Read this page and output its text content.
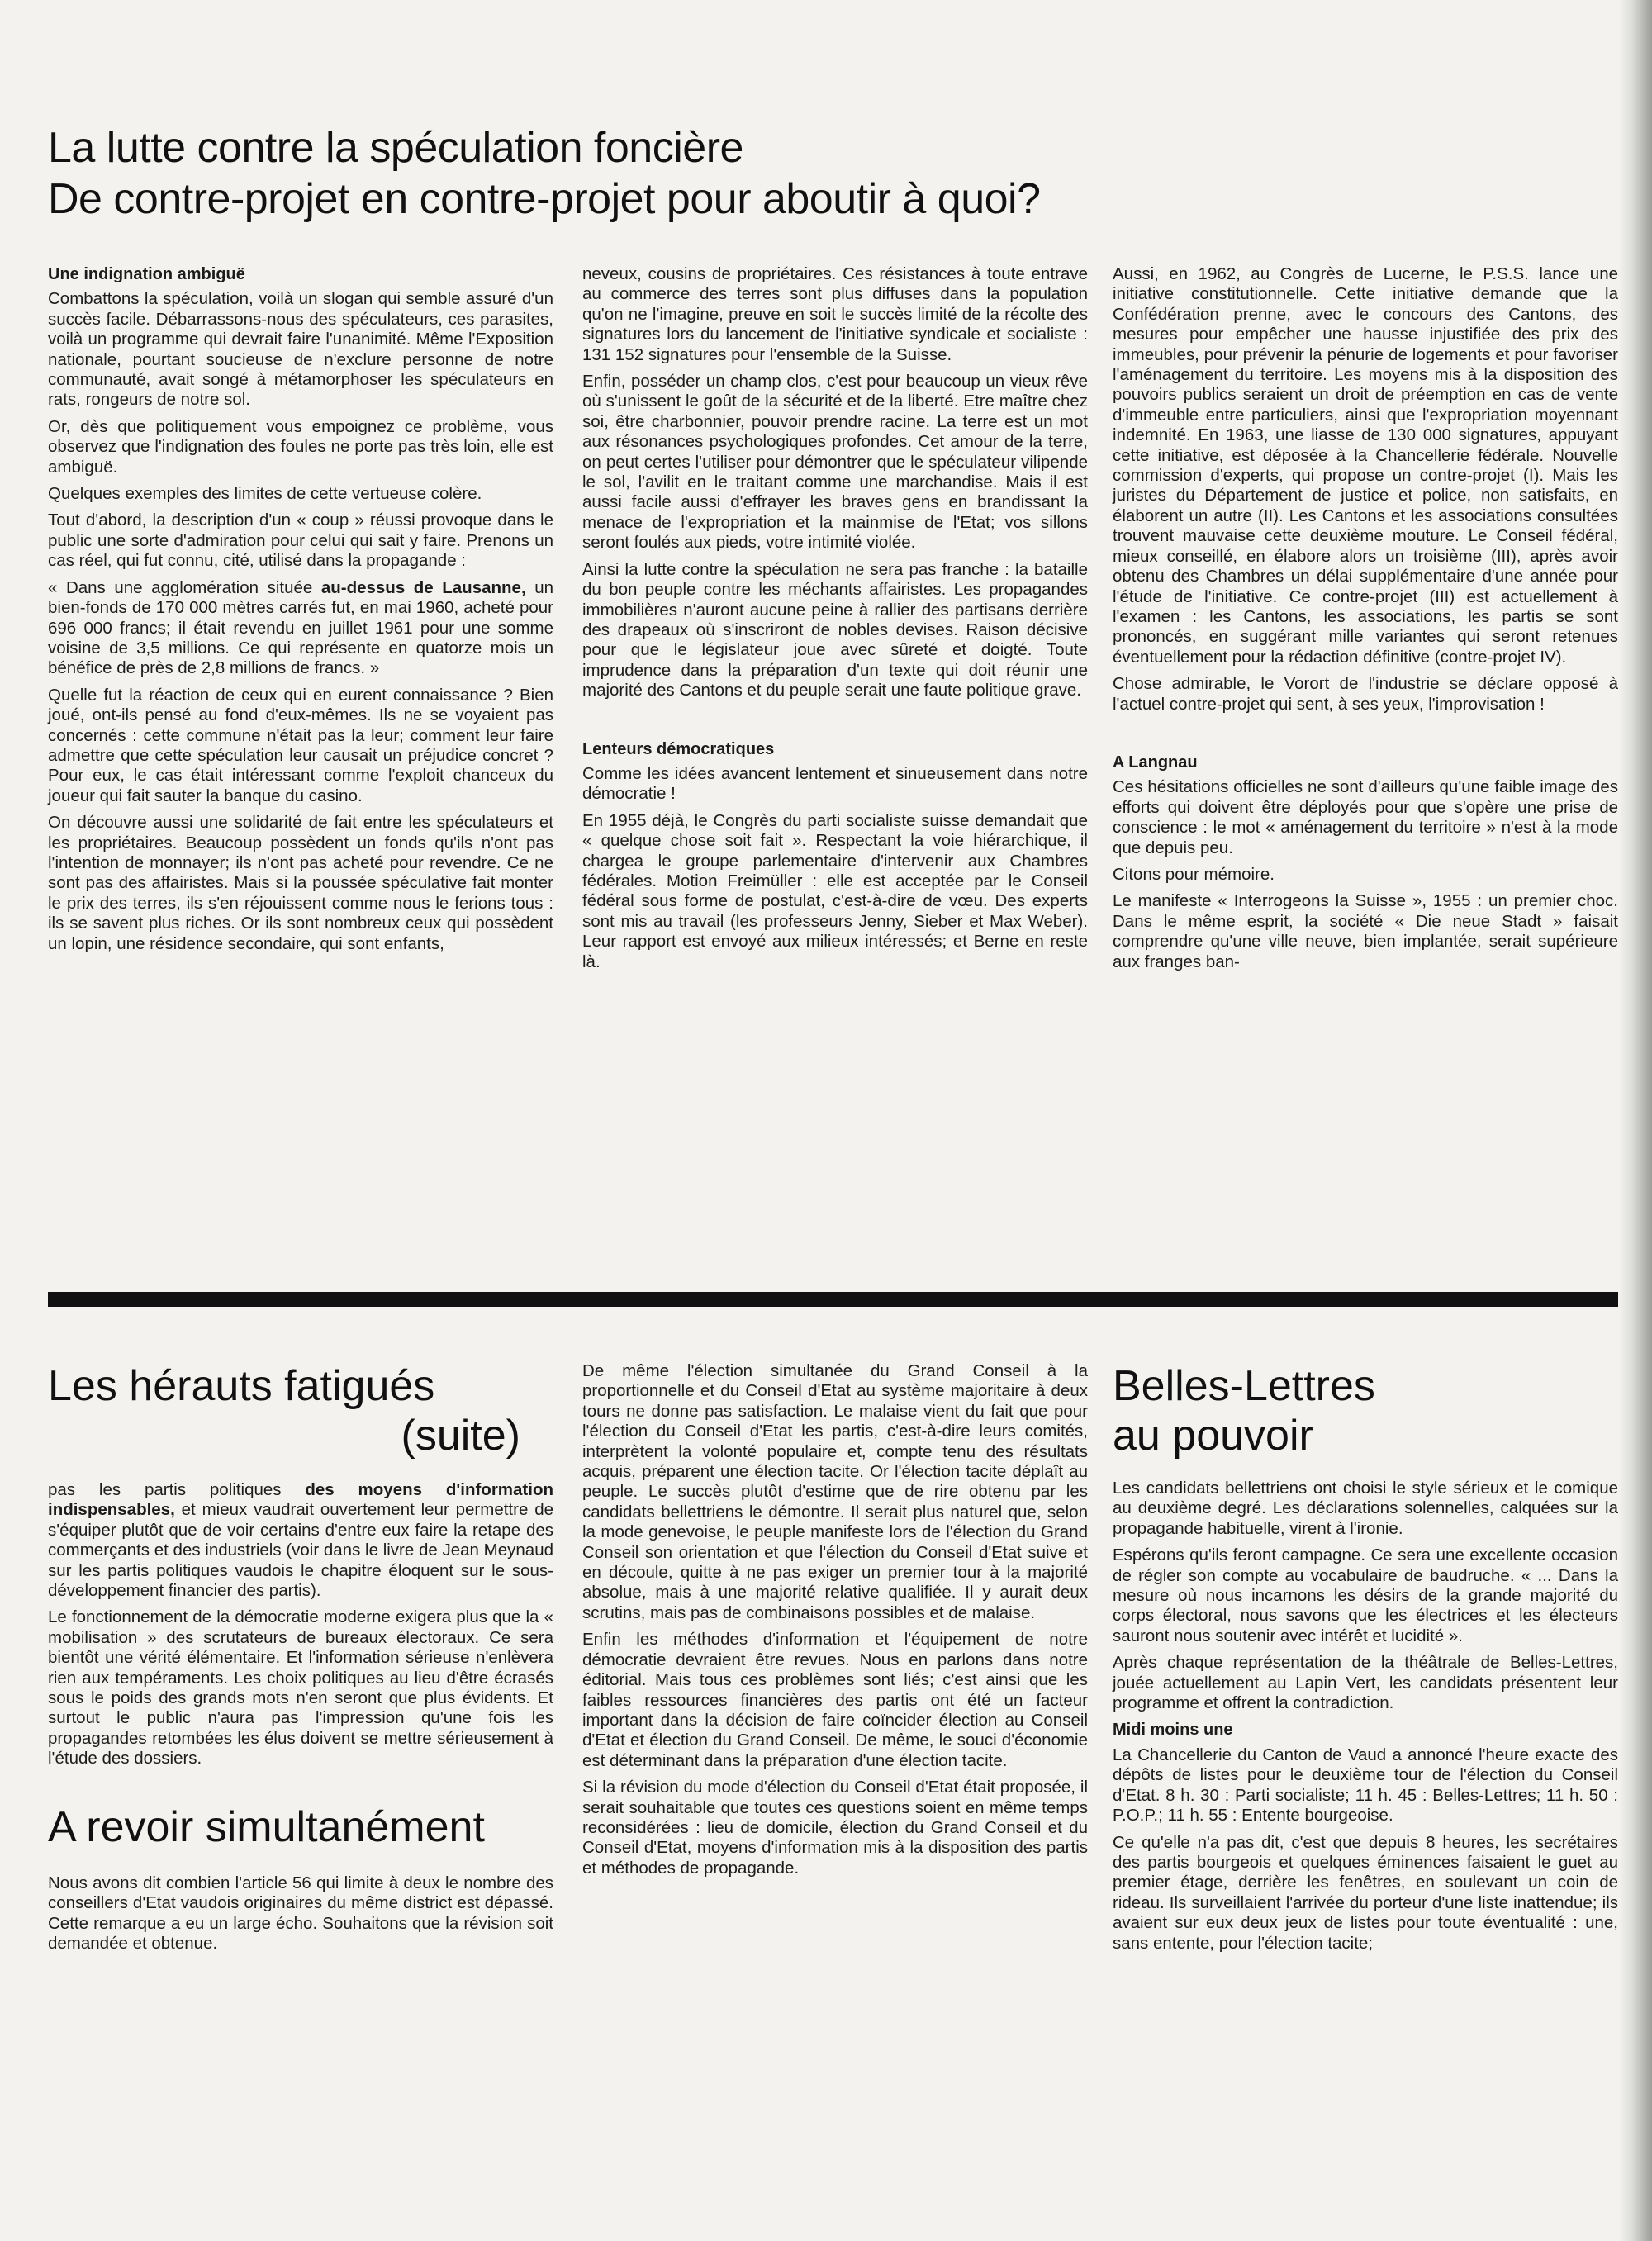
La lutte contre la spéculation foncière
De contre-projet en contre-projet pour aboutir à quoi?
Une indignation ambiguë

Combattons la spéculation, voilà un slogan qui semble assuré d'un succès facile. Débarrassons-nous des spéculateurs, ces parasites, voilà un programme qui devrait faire l'unanimité. Même l'Exposition nationale, pourtant soucieuse de n'exclure personne de notre communauté, avait songé à métamorphoser les spéculateurs en rats, rongeurs de notre sol.

Or, dès que politiquement vous empoignez ce problème, vous observez que l'indignation des foules ne porte pas très loin, elle est ambiguë.

Quelques exemples des limites de cette vertueuse colère.

Tout d'abord, la description d'un « coup » réussi provoque dans le public une sorte d'admiration pour celui qui sait y faire. Prenons un cas réel, qui fut connu, cité, utilisé dans la propagande :

« Dans une agglomération située au-dessus de Lausanne, un bien-fonds de 170 000 mètres carrés fut, en mai 1960, acheté pour 696 000 francs; il était revendu en juillet 1961 pour une somme voisine de 3,5 millions. Ce qui représente en quatorze mois un bénéfice de près de 2,8 millions de francs. »

Quelle fut la réaction de ceux qui en eurent connaissance ? Bien joué, ont-ils pensé au fond d'eux-mêmes. Ils ne se voyaient pas concernés : cette commune n'était pas la leur; comment leur faire admettre que cette spéculation leur causait un préjudice concret ? Pour eux, le cas était intéressant comme l'exploit chanceux du joueur qui fait sauter la banque du casino.

On découvre aussi une solidarité de fait entre les spéculateurs et les propriétaires. Beaucoup possèdent un fonds qu'ils n'ont pas l'intention de monnayer; ils n'ont pas acheté pour revendre. Ce ne sont pas des affairistes. Mais si la poussée spéculative fait monter le prix des terres, ils s'en réjouissent comme nous le ferions tous : ils se savent plus riches. Or ils sont nombreux ceux qui possèdent un lopin, une résidence secondaire, qui sont enfants,

neveux, cousins de propriétaires. Ces résistances à toute entrave au commerce des terres sont plus diffuses dans la population qu'on ne l'imagine, preuve en soit le succès limité de la récolte des signatures lors du lancement de l'initiative syndicale et socialiste : 131 152 signatures pour l'ensemble de la Suisse.

Enfin, posséder un champ clos, c'est pour beaucoup un vieux rêve où s'unissent le goût de la sécurité et de la liberté. Etre maître chez soi, être charbonnier, pouvoir prendre racine. La terre est un mot aux résonances psychologiques profondes. Cet amour de la terre, on peut certes l'utiliser pour démontrer que le spéculateur vilipende le sol, l'avilit en le traitant comme une marchandise. Mais il est aussi facile aussi d'effrayer les braves gens en brandissant la menace de l'expropriation et la mainmise de l'Etat; vos sillons seront foulés aux pieds, votre intimité violée.

Ainsi la lutte contre la spéculation ne sera pas franche : la bataille du bon peuple contre les méchants affairistes. Les propagandes immobilières n'auront aucune peine à rallier des partisans derrière des drapeaux où s'inscriront de nobles devises. Raison décisive pour que le législateur joue avec sûreté et doigté. Toute imprudence dans la préparation d'un texte qui doit réunir une majorité des Cantons et du peuple serait une faute politique grave.

Lenteurs démocratiques

Comme les idées avancent lentement et sinueusement dans notre démocratie !

En 1955 déjà, le Congrès du parti socialiste suisse demandait que « quelque chose soit fait ». Respectant la voie hiérarchique, il chargea le groupe parlementaire d'intervenir aux Chambres fédérales. Motion Freimüller : elle est acceptée par le Conseil fédéral sous forme de postulat, c'est-à-dire de vœu. Des experts sont mis au travail (les professeurs Jenny, Sieber et Max Weber). Leur rapport est envoyé aux milieux intéressés; et Berne en reste là.

Aussi, en 1962, au Congrès de Lucerne, le P.S.S. lance une initiative constitutionnelle. Cette initiative demande que la Confédération prenne, avec le concours des Cantons, des mesures pour empêcher une hausse injustifiée des prix des immeubles, pour prévenir la pénurie de logements et pour favoriser l'aménagement du territoire. Les moyens mis à la disposition des pouvoirs publics seraient un droit de préemption en cas de vente d'immeuble entre particuliers, ainsi que l'expropriation moyennant indemnité. En 1963, une liasse de 130 000 signatures, appuyant cette initiative, est déposée à la Chancellerie fédérale. Nouvelle commission d'experts, qui propose un contre-projet (I). Mais les juristes du Département de justice et police, non satisfaits, en élaborent un autre (II). Les Cantons et les associations consultées trouvent mauvaise cette deuxième mouture. Le Conseil fédéral, mieux conseillé, en élabore alors un troisième (III), après avoir obtenu des Chambres un délai supplémentaire d'une année pour l'étude de l'initiative. Ce contre-projet (III) est actuellement à l'examen : les Cantons, les associations, les partis se sont prononcés, en suggérant mille variantes qui seront retenues éventuellement pour la rédaction définitive (contre-projet IV).

Chose admirable, le Vorort de l'industrie se déclare opposé à l'actuel contre-projet qui sent, à ses yeux, l'improvisation !

A Langnau

Ces hésitations officielles ne sont d'ailleurs qu'une faible image des efforts qui doivent être déployés pour que s'opère une prise de conscience : le mot « aménagement du territoire » n'est à la mode que depuis peu.

Citons pour mémoire.

Le manifeste « Interrogeons la Suisse », 1955 : un premier choc. Dans le même esprit, la société « Die neue Stadt » faisait comprendre qu'une ville neuve, bien implantée, serait supérieure aux franges ban-

Les hérauts fatigués
(suite)

pas les partis politiques des moyens d'information indispensables, et mieux vaudrait ouvertement leur permettre de s'équiper plutôt que de voir certains d'entre eux faire la retape des commerçants et des industriels (voir dans le livre de Jean Meynaud sur les partis politiques vaudois le chapitre éloquent sur le sous-développement financier des partis).

Le fonctionnement de la démocratie moderne exigera plus que la « mobilisation » des scrutateurs de bureaux électoraux. Ce sera bientôt une vérité élémentaire. Et l'information sérieuse n'enlèvera rien aux tempéraments. Les choix politiques au lieu d'être écrasés sous le poids des grands mots n'en seront que plus évidents. Et surtout le public n'aura pas l'impression qu'une fois les propagandes retombées les élus doivent se mettre sérieusement à l'étude des dossiers.

A revoir simultanément

Nous avons dit combien l'article 56 qui limite à deux le nombre des conseillers d'Etat vaudois originaires du même district est dépassé. Cette remarque a eu un large écho. Souhaitons que la révision soit demandée et obtenue.

De même l'élection simultanée du Grand Conseil à la proportionnelle et du Conseil d'Etat au système majoritaire à deux tours ne donne pas satisfaction. Le malaise vient du fait que pour l'élection du Conseil d'Etat les partis, c'est-à-dire leurs comités, interprètent la volonté populaire et, compte tenu des résultats acquis, préparent une élection tacite. Or l'élection tacite déplaît au peuple. Le succès plutôt d'estime que de rire obtenu par les candidats bellettriens le démontre. Il serait plus naturel que, selon la mode genevoise, le peuple manifeste lors de l'élection du Grand Conseil son orientation et que l'élection du Conseil d'Etat suive et en découle, quitte à ne pas exiger un premier tour à la majorité absolue, mais à une majorité relative qualifiée. Il y aurait deux scrutins, mais pas de combinaisons possibles et de malaise.

Enfin les méthodes d'information et l'équipement de notre démocratie devraient être revues. Nous en parlons dans notre éditorial. Mais tous ces problèmes sont liés; c'est ainsi que les faibles ressources financières des partis ont été un facteur important dans la décision de faire coïncider élection au Conseil d'Etat et élection du Grand Conseil. De même, le souci d'économie est déterminant dans la préparation d'une élection tacite.

Si la révision du mode d'élection du Conseil d'Etat était proposée, il serait souhaitable que toutes ces questions soient en même temps reconsidérées : lieu de domicile, élection du Grand Conseil et du Conseil d'Etat, moyens d'information mis à la disposition des partis et méthodes de propagande.

Belles-Lettres
au pouvoir

Les candidats bellettriens ont choisi le style sérieux et le comique au deuxième degré. Les déclarations solennelles, calquées sur la propagande habituelle, virent à l'ironie.

Espérons qu'ils feront campagne. Ce sera une excellente occasion de régler son compte au vocabulaire de baudruche. « ... Dans la mesure où nous incarnons les désirs de la grande majorité du corps électoral, nous savons que les électrices et les électeurs sauront nous soutenir avec intérêt et lucidité ».

Après chaque représentation de la théâtrale de Belles-Lettres, jouée actuellement au Lapin Vert, les candidats présentent leur programme et offrent la contradiction.

Midi moins une

La Chancellerie du Canton de Vaud a annoncé l'heure exacte des dépôts de listes pour le deuxième tour de l'élection du Conseil d'Etat. 8 h. 30 : Parti socialiste; 11 h. 45 : Belles-Lettres; 11 h. 50 : P.O.P.; 11 h. 55 : Entente bourgeoise.

Ce qu'elle n'a pas dit, c'est que depuis 8 heures, les secrétaires des partis bourgeois et quelques éminences faisaient le guet au premier étage, derrière les fenêtres, en soulevant un coin de rideau. Ils surveillaient l'arrivée du porteur d'une liste inattendue; ils avaient sur eux deux jeux de listes pour toute éventualité : une, sans entente, pour l'élection tacite;
